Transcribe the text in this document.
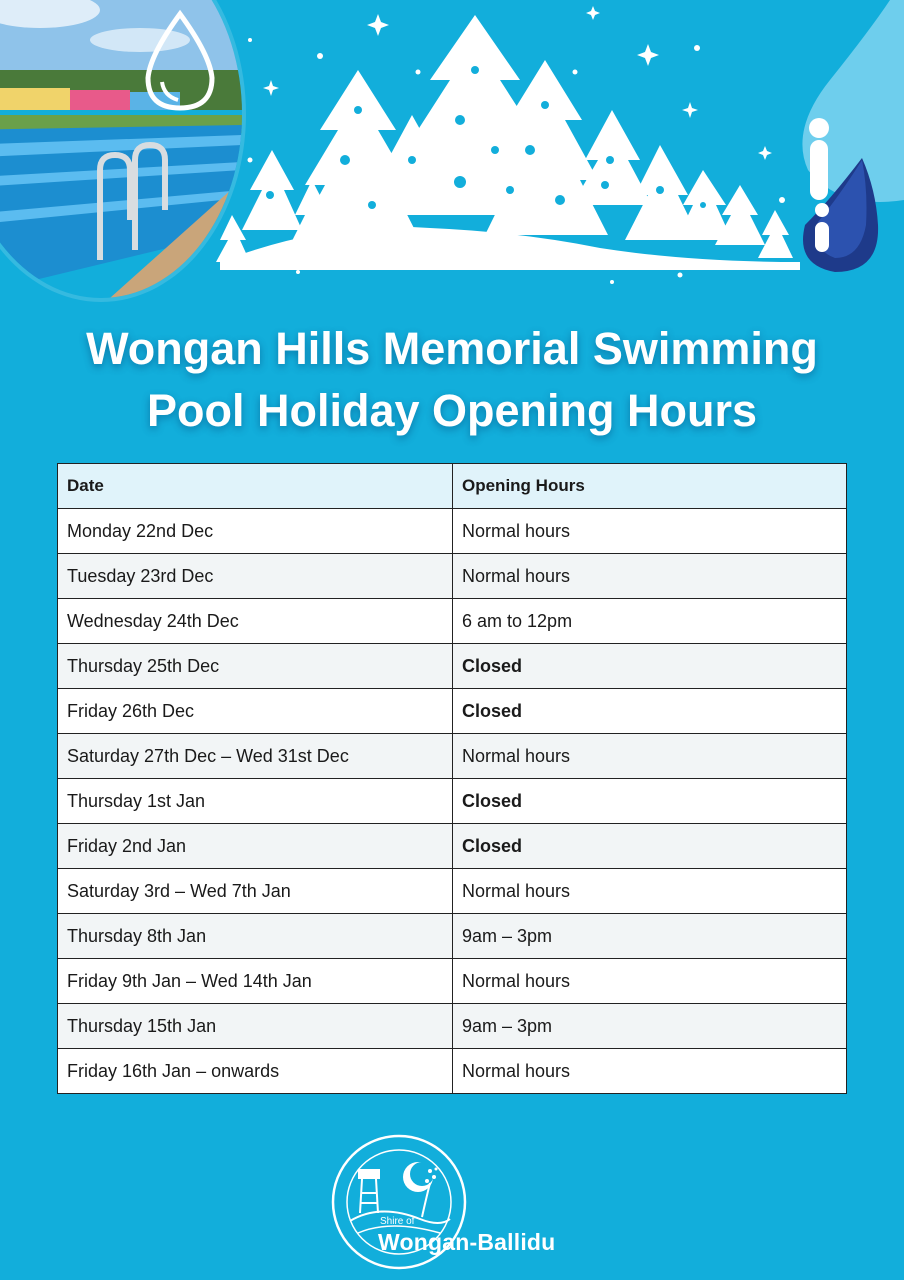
Wongan Hills Memorial Swimming
Pool Holiday Opening Hours
Date	Opening Hours
Monday 22nd Dec	Normal hours
Tuesday 23rd Dec	Normal hours
Wednesday 24th Dec	6 am to 12pm
Thursday 25th Dec	Closed
Friday 26th Dec	Closed
Saturday 27th Dec – Wed 31st Dec	Normal hours
Thursday 1st Jan	Closed
Friday 2nd Jan	Closed
Saturday 3rd – Wed 7th Jan	Normal hours
Thursday 8th Jan	9am – 3pm
Friday 9th Jan – Wed 14th Jan	Normal hours
Thursday 15th Jan	9am – 3pm
Friday 16th Jan – onwards	Normal hours
Shire of
Wongan-Ballidu
